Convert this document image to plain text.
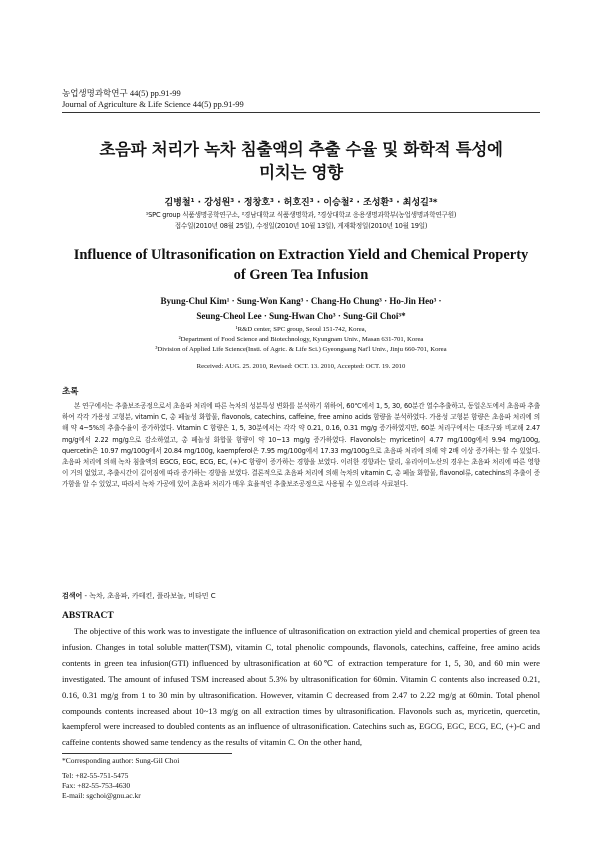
농업생명과학연구 44(5) pp.91-99
Journal of Agriculture & Life Science 44(5) pp.91-99
초음파 처리가 녹차 침출액의 추출 수율 및 화학적 특성에
미치는 영향
김병철¹ · 강성원³ · 정창호³ · 허호진³ · 이승철² · 조성환³ · 최성길³*
¹SPC group 식품생명공학연구소, ²경남대학교 식품생명학과, ³경상대학교 응용생명과학부(농업생명과학연구원)
접수일(2010년 08월 25일), 수정일(2010년 10월 13일), 게재확정일(2010년 10월 19일)
Influence of Ultrasonification on Extraction Yield and Chemical Property
of Green Tea Infusion
Byung-Chul Kim¹ · Sung-Won Kang³ · Chang-Ho Chung³ · Ho-Jin Heo³ ·
Seung-Cheol Lee · Sung-Hwan Cho³ · Sung-Gil Choi³*
¹R&D center, SPC group, Seoul 151-742, Korea,
²Department of Food Science and Biotechnology, Kyungnam Univ., Masan 631-701, Korea
³Division of Applied Life Science(Insti. of Agric. & Life Sci.) Gyeongsang Nat'l Univ., Jinju 660-701, Korea
Received: AUG. 25. 2010, Revised: OCT. 13. 2010, Accepted: OCT. 19. 2010
초록
본 연구에서는 추출보조공정으로서 초음파 처리에 따른 녹차의 성분특성 변화를 분석하기 위하여, 60℃에서 1, 5, 30, 60분간 열수추출하고, 동일온도에서 초음파 추출하여 각각 가용성 고형분, vitamin C, 총 페놀성 화합물, flavonols, catechins, caffeine, free amino acids 함량을 분석하였다. 가용성 고형분 함량은 초음파 처리에 의해 약 4~5%의 추출수율이 증가하였다. Vitamin C 함량은 1, 5, 30분에서는 각각 약 0.21, 0.16, 0.31 mg/g 증가하였지만, 60분 처리구에서는 대조구와 비교해 2.47 mg/g에서 2.22 mg/g으로 감소하였고, 총 페놀성 화합물 함량이 약 10~13 mg/g 증가하였다. Flavonols는 myricetin이 4.77 mg/100g에서 9.94 mg/100g, quercetin은 10.97 mg/100g에서 20.84 mg/100g, kaempferol은 7.95 mg/100g에서 17.33 mg/100g으로 초음파 처리에 의해 약 2배 이상 증가하는 할 수 있었다. 초음파 처리에 의해 녹차 침출액의 EGCG, EGC, ECG, EC, (+)-C 함량이 증가하는 경향을 보였다. 이러한 경향과는 달리, 유리아미노산의 경우는 초음파 처리에 따른 영향이 거의 없었고, 추출시간이 길어짐에 따라 증가하는 경향을 보였다. 결론적으로 초음파 처리에 의해 녹차의 vitamin C, 총 페놀 화합물, flavonol류, catechins의 추출이 증가함을 알 수 있었고, 따라서 녹차 가공에 있어 초음파 처리가 매우 효율적인 추출보조공정으로 사용될 수 있으리라 사료된다.
검색어 - 녹차, 초음파, 카테킨, 플라보놀, 비타민 C
ABSTRACT
The objective of this work was to investigate the influence of ultrasonification on extraction yield and chemical properties of green tea infusion. Changes in total soluble matter(TSM), vitamin C, total phenolic compounds, flavonols, catechins, caffeine, free amino acids contents in green tea infusion(GTI) influenced by ultrasonification at 60℃ of extraction temperature for 1, 5, 30, and 60 min were investigated. The amount of infused TSM increased about 5.3% by ultrasonification for 60min. Vitamin C contents also increased 0.21, 0.16, 0.31 mg/g from 1 to 30 min by ultrasonification. However, vitamin C decreased from 2.47 to 2.22 mg/g at 60min. Total phenol compounds contents increased about 10~13 mg/g on all extraction times by ultrasonification. Flavonols such as, myricetin, quercetin, kaempferol were increased to doubled contents as an influence of ultrasonification. Catechins such as, EGCG, EGC, ECG, EC, (+)-C and caffeine contents showed same tendency as the results of vitamin C. On the other hand,
*Corresponding author: Sung-Gil Choi
Tel: +82-55-751-5475
Fax: +82-55-753-4630
E-mail: sgchoi@gnu.ac.kr
